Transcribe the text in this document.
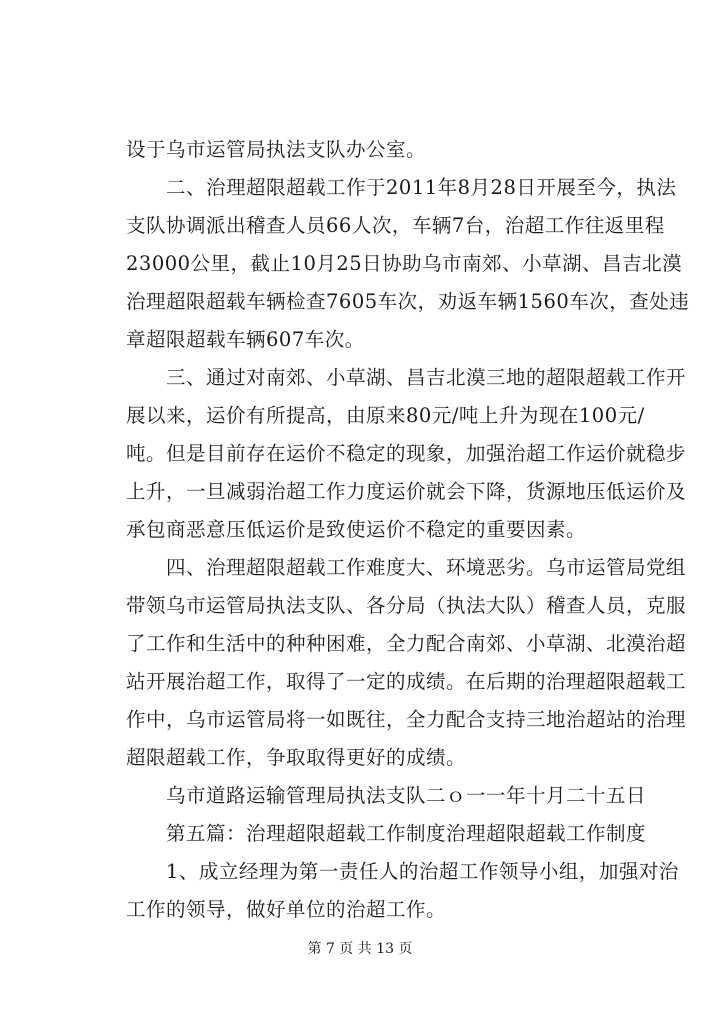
设于乌市运管局执法支队办公室。
　　二、治理超限超载工作于2011年8月28日开展至今，执法
支队协调派出稽查人员66人次，车辆7台，治超工作往返里程
23000公里，截止10月25日协助乌市南郊、小草湖、昌吉北漠
治理超限超载车辆检查7605车次，劝返车辆1560车次，查处违
章超限超载车辆607车次。
　　三、通过对南郊、小草湖、昌吉北漠三地的超限超载工作开
展以来，运价有所提高，由原来80元/吨上升为现在100元/
吨。但是目前存在运价不稳定的现象，加强治超工作运价就稳步
上升，一旦减弱治超工作力度运价就会下降，货源地压低运价及
承包商恶意压低运价是致使运价不稳定的重要因素。
　　四、治理超限超载工作难度大、环境恶劣。乌市运管局党组
带领乌市运管局执法支队、各分局（执法大队）稽查人员，克服
了工作和生活中的种种困难，全力配合南郊、小草湖、北漠治超
站开展治超工作，取得了一定的成绩。在后期的治理超限超载工
作中，乌市运管局将一如既往，全力配合支持三地治超站的治理
超限超载工作，争取取得更好的成绩。
　　乌市道路运输管理局执法支队二ｏ一一年十月二十五日
　　第五篇：治理超限超载工作制度治理超限超载工作制度
　　1、成立经理为第一责任人的治超工作领导小组，加强对治
工作的领导，做好单位的治超工作。
第 7 页 共 13 页
